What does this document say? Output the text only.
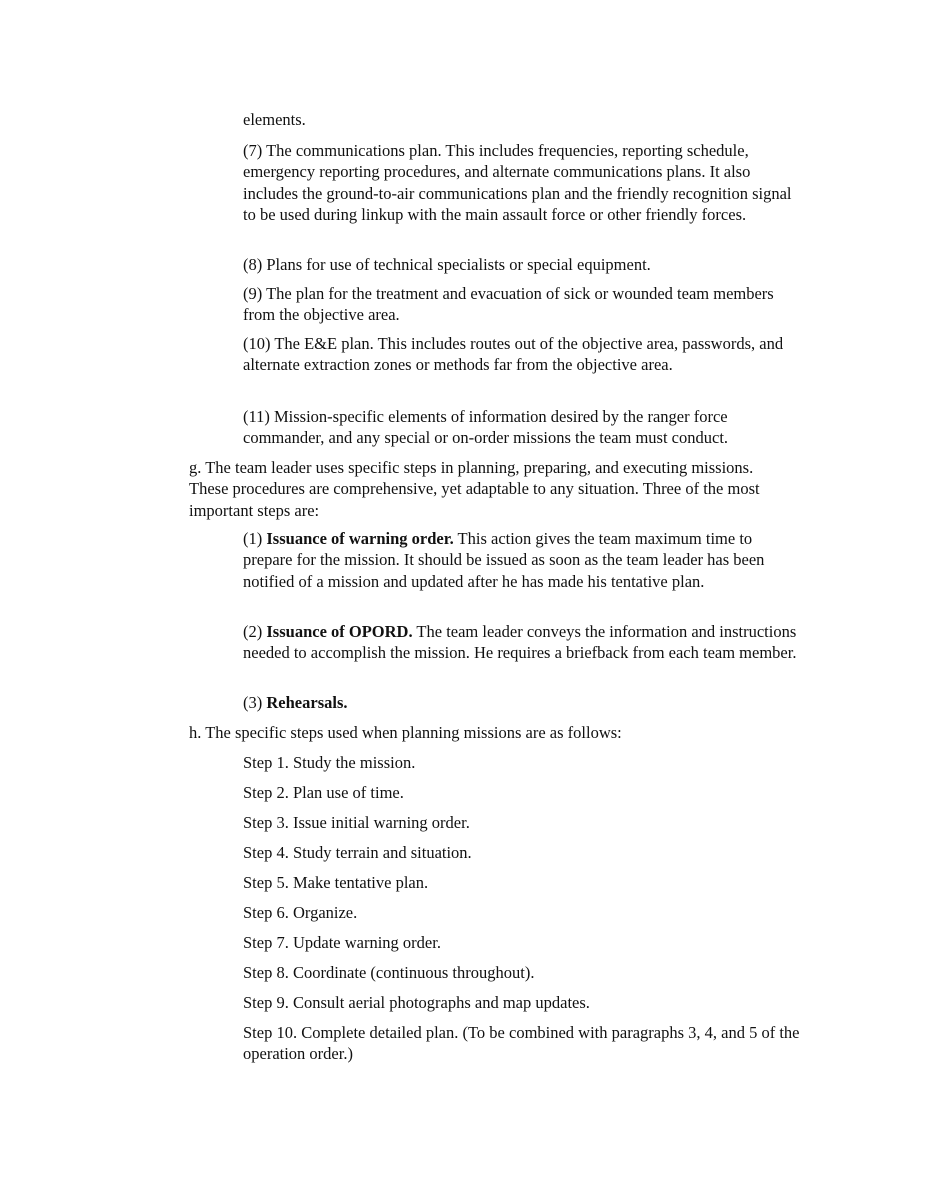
elements.

(7) The communications plan. This includes frequencies, reporting schedule, emergency reporting procedures, and alternate communications plans. It also includes the ground-to-air communications plan and the friendly recognition signal to be used during linkup with the main assault force or other friendly forces.

(8) Plans for use of technical specialists or special equipment.

(9) The plan for the treatment and evacuation of sick or wounded team members from the objective area.

(10) The E&E plan. This includes routes out of the objective area, passwords, and alternate extraction zones or methods far from the objective area.

(11) Mission-specific elements of information desired by the ranger force commander, and any special or on-order missions the team must conduct.

g. The team leader uses specific steps in planning, preparing, and executing missions. These procedures are comprehensive, yet adaptable to any situation. Three of the most important steps are:

(1) Issuance of warning order. This action gives the team maximum time to prepare for the mission. It should be issued as soon as the team leader has been notified of a mission and updated after he has made his tentative plan.

(2) Issuance of OPORD. The team leader conveys the information and instructions needed to accomplish the mission. He requires a briefback from each team member.

(3) Rehearsals.

h. The specific steps used when planning missions are as follows:

Step 1. Study the mission.

Step 2. Plan use of time.

Step 3. Issue initial warning order.

Step 4. Study terrain and situation.

Step 5. Make tentative plan.

Step 6. Organize.

Step 7. Update warning order.

Step 8. Coordinate (continuous throughout).

Step 9. Consult aerial photographs and map updates.

Step 10. Complete detailed plan. (To be combined with paragraphs 3, 4, and 5 of the operation order.)
